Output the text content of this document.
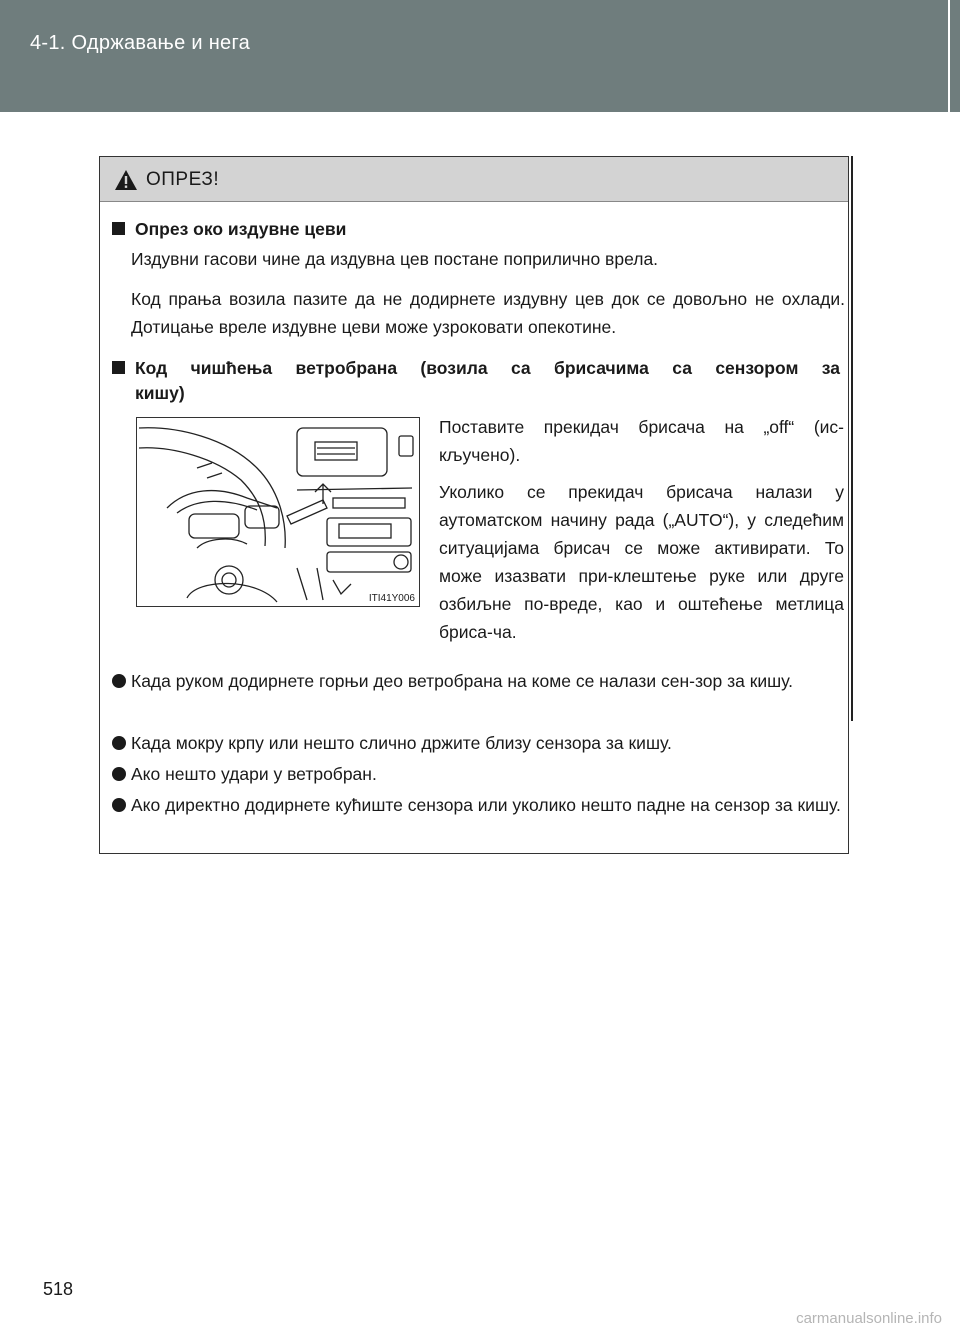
4-1. Одржавање и нега
ОПРЕЗ!
Опрез око издувне цеви
Издувни гасови чине да издувна цев постане поприлично врела.
Код прања возила пазите да не додирнете издувну цев док се довољно не охлади. Дотицање вреле издувне цеви може узроковати опекотине.
Код чишћења ветробрана (возила са брисачима са сензором за
кишу)
ITI41Y006
Поставите прекидач брисача на „off“ (ис-кључено).
Уколико се прекидач брисача налази у аутоматском начину рада („AUTO“), у следећим ситуацијама брисач се може активирати. То може изазвати при-клештење руке или друге озбиљне по-вреде, као и оштећење метлица бриса-ча.
Када руком додирнете горњи део ветробрана на коме се налази сен-зор за кишу.
Када мокру крпу или нешто слично држите близу сензора за кишу.
Ако нешто удари у ветробран.
Ако директно додирнете кућиште сензора или уколико нешто падне на сензор за кишу.
518
carmanualsonline.info
